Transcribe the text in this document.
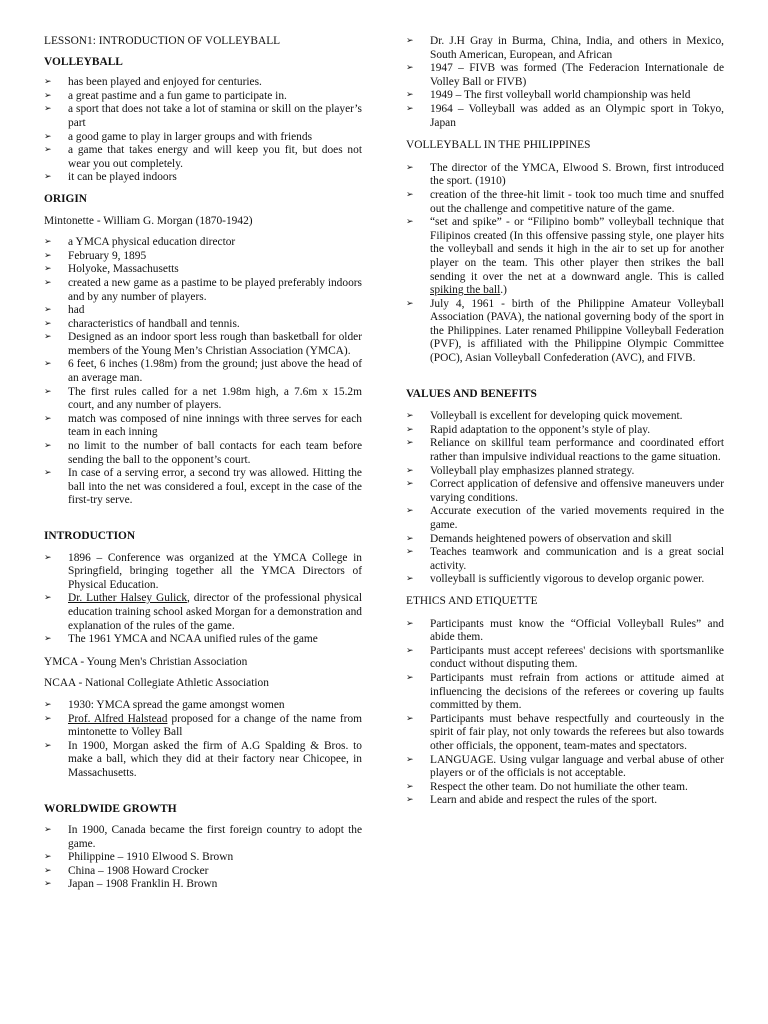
LESSON1: INTRODUCTION OF VOLLEYBALL

VOLLEYBALL

➢	has been played and enjoyed for centuries.
➢	a great pastime and a fun game to participate in.
➢	a sport that does not take a lot of stamina or skill on the player’s part
➢	a good game to play in larger groups and with friends
➢	a game that takes energy and will keep you fit, but does not wear you out completely.
➢	it can be played indoors

ORIGIN

Mintonette - William G. Morgan (1870-1942)

➢	a YMCA physical education director
➢	February 9, 1895
➢	Holyoke, Massachusetts
➢	created a new game as a pastime to be played preferably indoors and by any number of players.
➢	had
➢	characteristics of handball and tennis.
➢	Designed as an indoor sport less rough than basketball for older members of the Young Men’s Christian Association (YMCA).
➢	6 feet, 6 inches (1.98m) from the ground; just above the head of an average man.
➢	The first rules called for a net 1.98m high, a 7.6m x 15.2m court, and any number of players.
➢	match was composed of nine innings with three serves for each team in each inning
➢	no limit to the number of ball contacts for each team before sending the ball to the opponent’s court.
➢	In case of a serving error, a second try was allowed. Hitting the ball into the net was considered a foul, except in the case of the first-try serve.

INTRODUCTION

➢	1896 – Conference was organized at the YMCA College in Springfield, bringing together all the YMCA Directors of Physical Education.
➢	Dr. Luther Halsey Gulick, director of the professional physical education training school asked Morgan for a demonstration and explanation of the rules of the game.
➢	The 1961 YMCA and NCAA unified rules of the game

YMCA - Young Men's Christian Association

NCAA - National Collegiate Athletic Association

➢	1930: YMCA spread the game amongst women
➢	Prof. Alfred Halstead proposed for a change of the name from mintonette to Volley Ball
➢	In 1900, Morgan asked the firm of A.G Spalding & Bros. to make a ball, which they did at their factory near Chicopee, in Massachusetts.

WORLDWIDE GROWTH

➢	In 1900, Canada became the first foreign country to adopt the game.
➢	Philippine – 1910 Elwood S. Brown
➢	China – 1908 Howard Crocker
➢	Japan – 1908 Franklin H. Brown
➢	Dr. J.H Gray in Burma, China, India, and others in Mexico, South American, European, and African
➢	1947 – FIVB was formed (The Federacion Internationale de Volley Ball or FIVB)
➢	1949 – The first volleyball world championship was held
➢	1964 – Volleyball was added as an Olympic sport in Tokyo, Japan

VOLLEYBALL IN THE PHILIPPINES

➢	The director of the YMCA, Elwood S. Brown, first introduced the sport. (1910)
➢	creation of the three-hit limit - took too much time and snuffed out the challenge and competitive nature of the game.
➢	“set and spike” - or “Filipino bomb” volleyball technique that Filipinos created (In this offensive passing style, one player hits the volleyball and sends it high in the air to set up for another player on the team. This other player then strikes the ball sending it over the net at a downward angle. This is called spiking the ball.)
➢	July 4, 1961 - birth of the Philippine Amateur Volleyball Association (PAVA), the national governing body of the sport in the Philippines. Later renamed Philippine Volleyball Federation (PVF), is affiliated with the Philippine Olympic Committee (POC), Asian Volleyball Confederation (AVC), and FIVB.

VALUES AND BENEFITS

➢	Volleyball is excellent for developing quick movement.
➢	Rapid adaptation to the opponent’s style of play.
➢	Reliance on skillful team performance and coordinated effort rather than impulsive individual reactions to the game situation.
➢	Volleyball play emphasizes planned strategy.
➢	Correct application of defensive and offensive maneuvers under varying conditions.
➢	Accurate execution of the varied movements required in the game.
➢	Demands heightened powers of observation and skill
➢	Teaches teamwork and communication and is a great social activity.
➢	volleyball is sufficiently vigorous to develop organic power.

ETHICS AND ETIQUETTE

➢	Participants must know the “Official Volleyball Rules” and abide them.
➢	Participants must accept referees' decisions with sportsmanlike conduct without disputing them.
➢	Participants must refrain from actions or attitude aimed at influencing the decisions of the referees or covering up faults committed by them.
➢	Participants must behave respectfully and courteously in the spirit of fair play, not only towards the referees but also towards other officials, the opponent, team-mates and spectators.
➢	LANGUAGE. Using vulgar language and verbal abuse of other players or of the officials is not acceptable.
➢	Respect the other team. Do not humiliate the other team.
➢	Learn and abide and respect the rules of the sport.
